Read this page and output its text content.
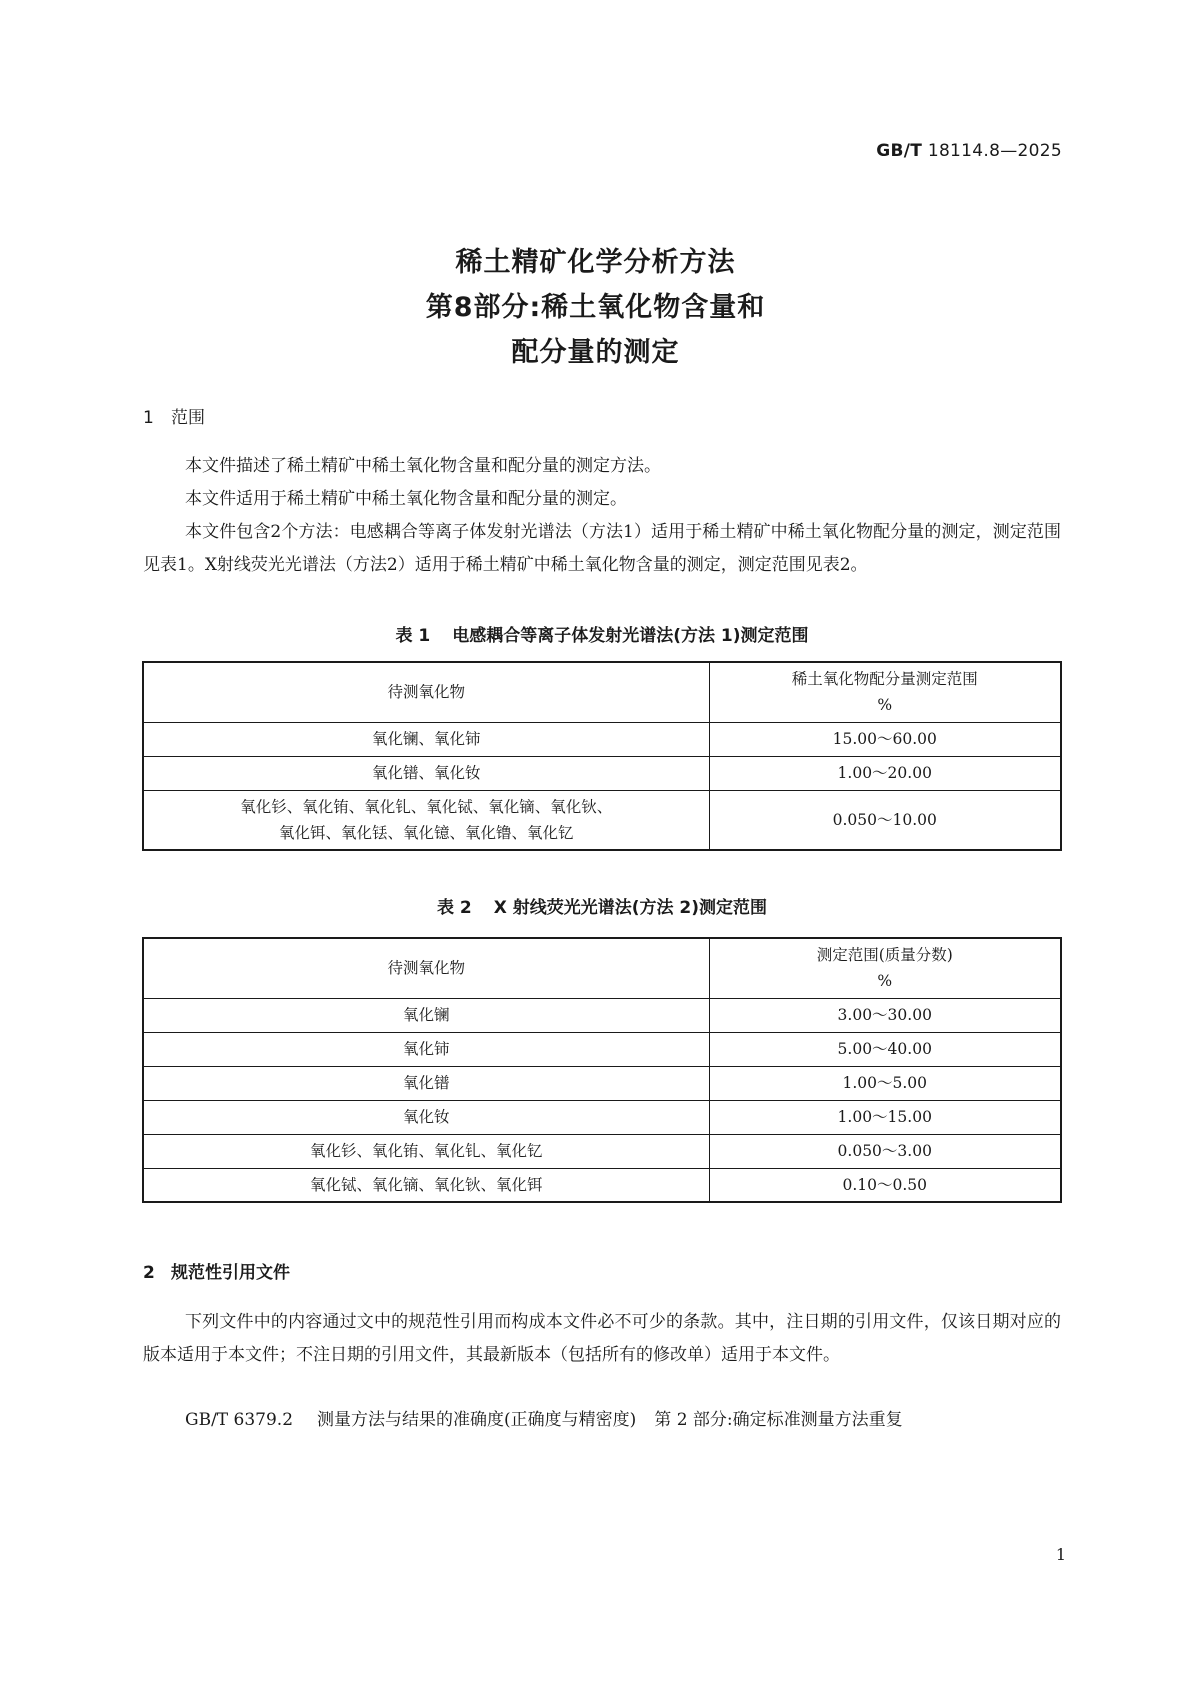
GB/T 18114.8—2025
稀土精矿化学分析方法
第8部分:稀土氧化物含量和
配分量的测定
1 范围

本文件描述了稀土精矿中稀土氧化物含量和配分量的测定方法。

本文件适用于稀土精矿中稀土氧化物含量和配分量的测定。

本文件包含2个方法：电感耦合等离子体发射光谱法（方法1）适用于稀土精矿中稀土氧化物配分量的测定，测定范围见表1。X射线荧光光谱法（方法2）适用于稀土精矿中稀土氧化物含量的测定，测定范围见表2。

表 1 电感耦合等离子体发射光谱法(方法 1)测定范围
待测氧化物	稀土氧化物配分量测定范围
%

氧化镧、氧化铈	15.00～60.00
氧化镨、氧化钕	1.00～20.00

氧化钐、氧化铕、氧化钆、氧化铽、氧化镝、氧化钬、
氧化铒、氧化铥、氧化镱、氧化镥、氧化钇	0.050～10.00
表 2 X 射线荧光光谱法(方法 2)测定范围
待测氧化物	测定范围(质量分数)
%

氧化镧	3.00～30.00
氧化铈	5.00～40.00
氧化镨	1.00～5.00
氧化钕	1.00～15.00
氧化钐、氧化铕、氧化钆、氧化钇	0.050～3.00
氧化铽、氧化镝、氧化钬、氧化铒	0.10～0.50
2 规范性引用文件

下列文件中的内容通过文中的规范性引用而构成本文件必不可少的条款。其中，注日期的引用文件，仅该日期对应的版本适用于本文件；不注日期的引用文件，其最新版本（包括所有的修改单）适用于本文件。

GB/T 6379.2 测量方法与结果的准确度(正确度与精密度) 第 2 部分:确定标准测量方法重复
1
